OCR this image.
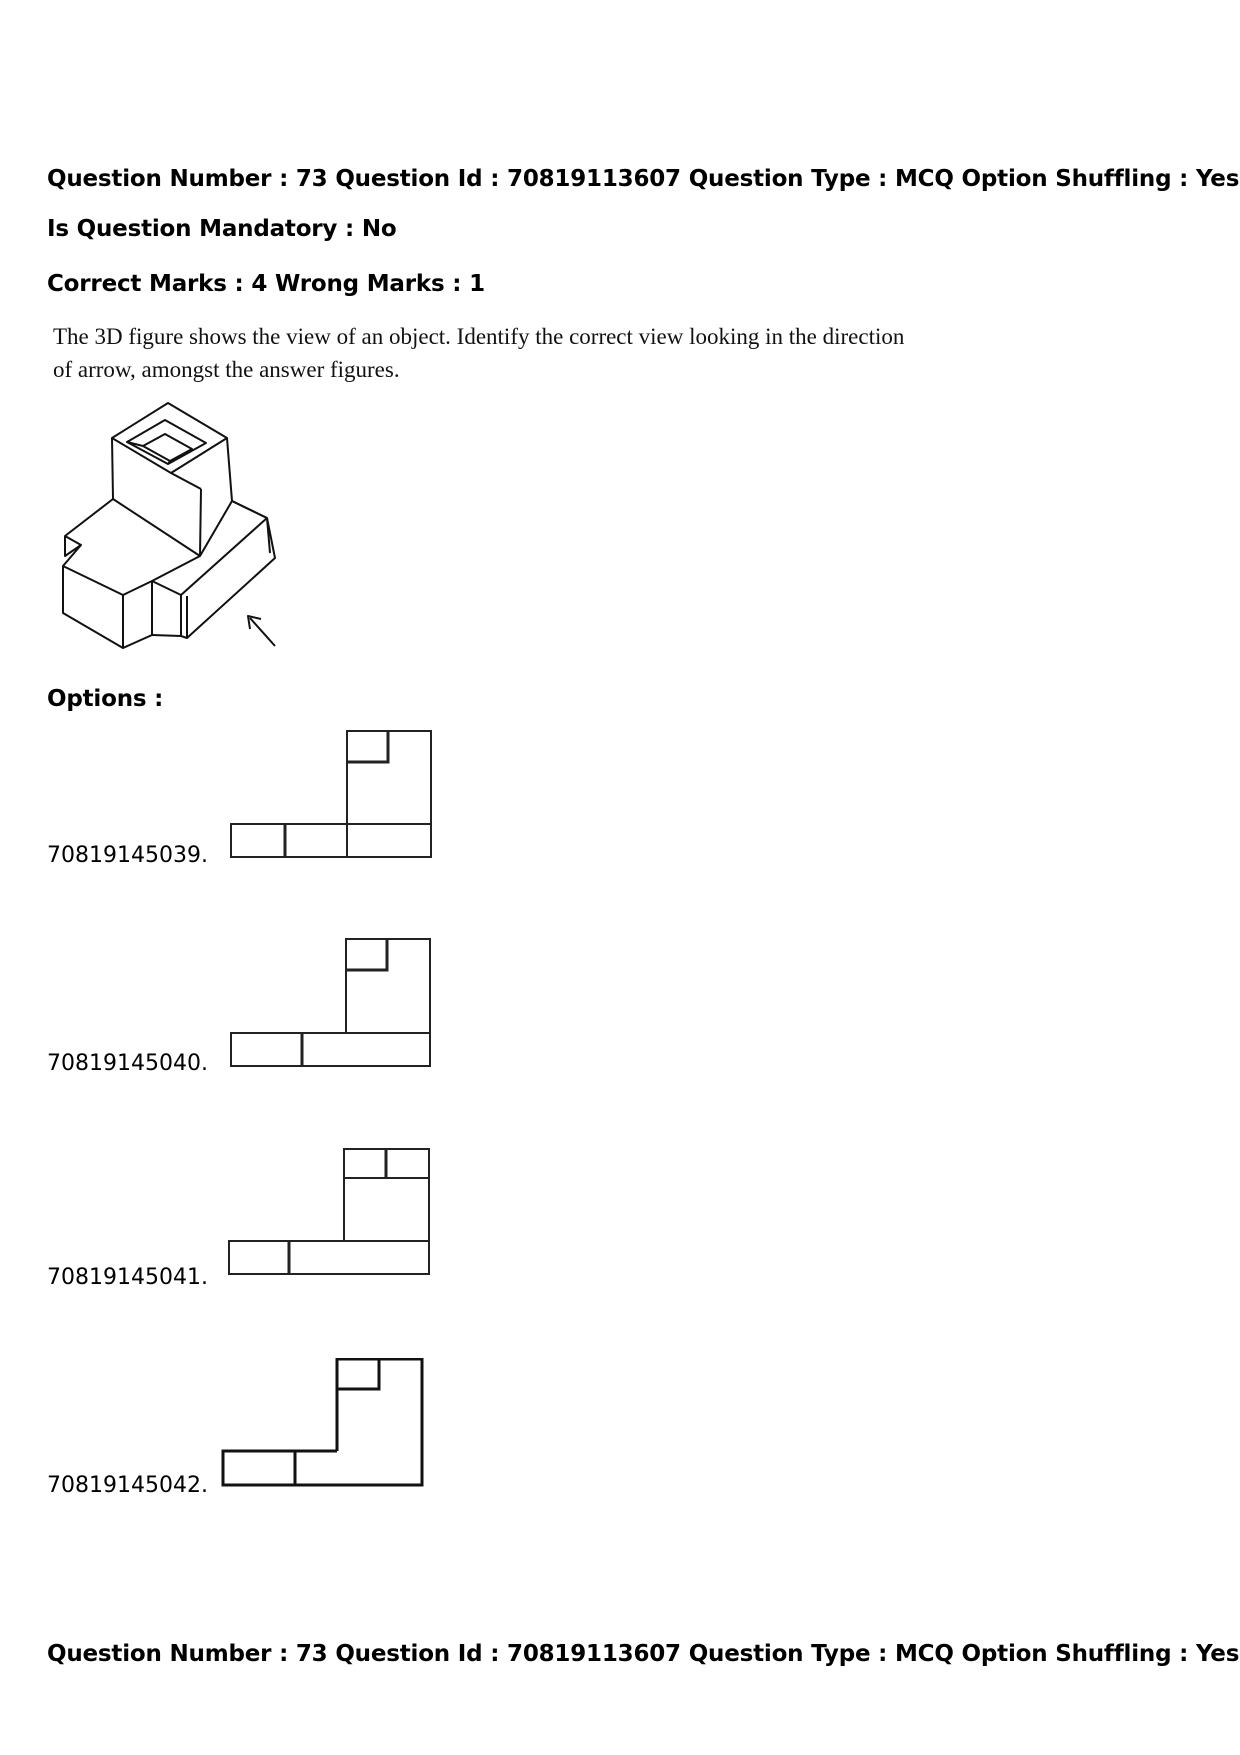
Question Number : 73 Question Id : 70819113607 Question Type : MCQ Option Shuffling : Yes

Is Question Mandatory : No

Correct Marks : 4 Wrong Marks : 1

The 3D figure shows the view of an object. Identify the correct view looking in the direction
of arrow, amongst the answer figures.

Options :

70819145039.
70819145040.
70819145041.
70819145042.

Question Number : 73 Question Id : 70819113607 Question Type : MCQ Option Shuffling : Yes
